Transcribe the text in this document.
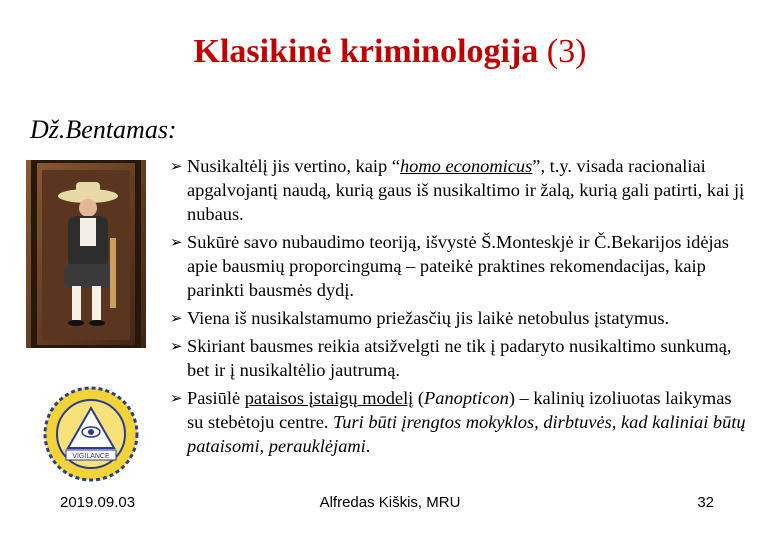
Klasikinė kriminologija (3)
Dž.Bentamas:
VIGILANCE
➢ Nusikaltėlį jis vertino, kaip “homo economicus”, t.y. visada racionaliai apgalvojantį naudą, kurią gaus iš nusikaltimo ir žalą, kurią gali patirti, kai jį nubaus.
➢ Sukūrė savo nubaudimo teoriją, išvystė Š.Monteskjė ir Č.Bekarijos idėjas apie bausmių proporcingumą – pateikė praktines rekomendacijas, kaip parinkti bausmės dydį.
➢ Viena iš nusikalstamumo priežasčių jis laikė netobulus įstatymus.
➢ Skiriant bausmes reikia atsižvelgti ne tik į padaryto nusikaltimo sunkumą, bet ir į nusikaltėlio jautrumą.
➢ Pasiūlė pataisos įstaigų modelį (Panopticon) – kalinių izoliuotas laikymas su stebėtoju centre. Turi būti įrengtos mokyklos, dirbtuvės, kad kaliniai būtų pataisomi, perauklėjami.
2019.09.03	Alfredas Kiškis, MRU	32
